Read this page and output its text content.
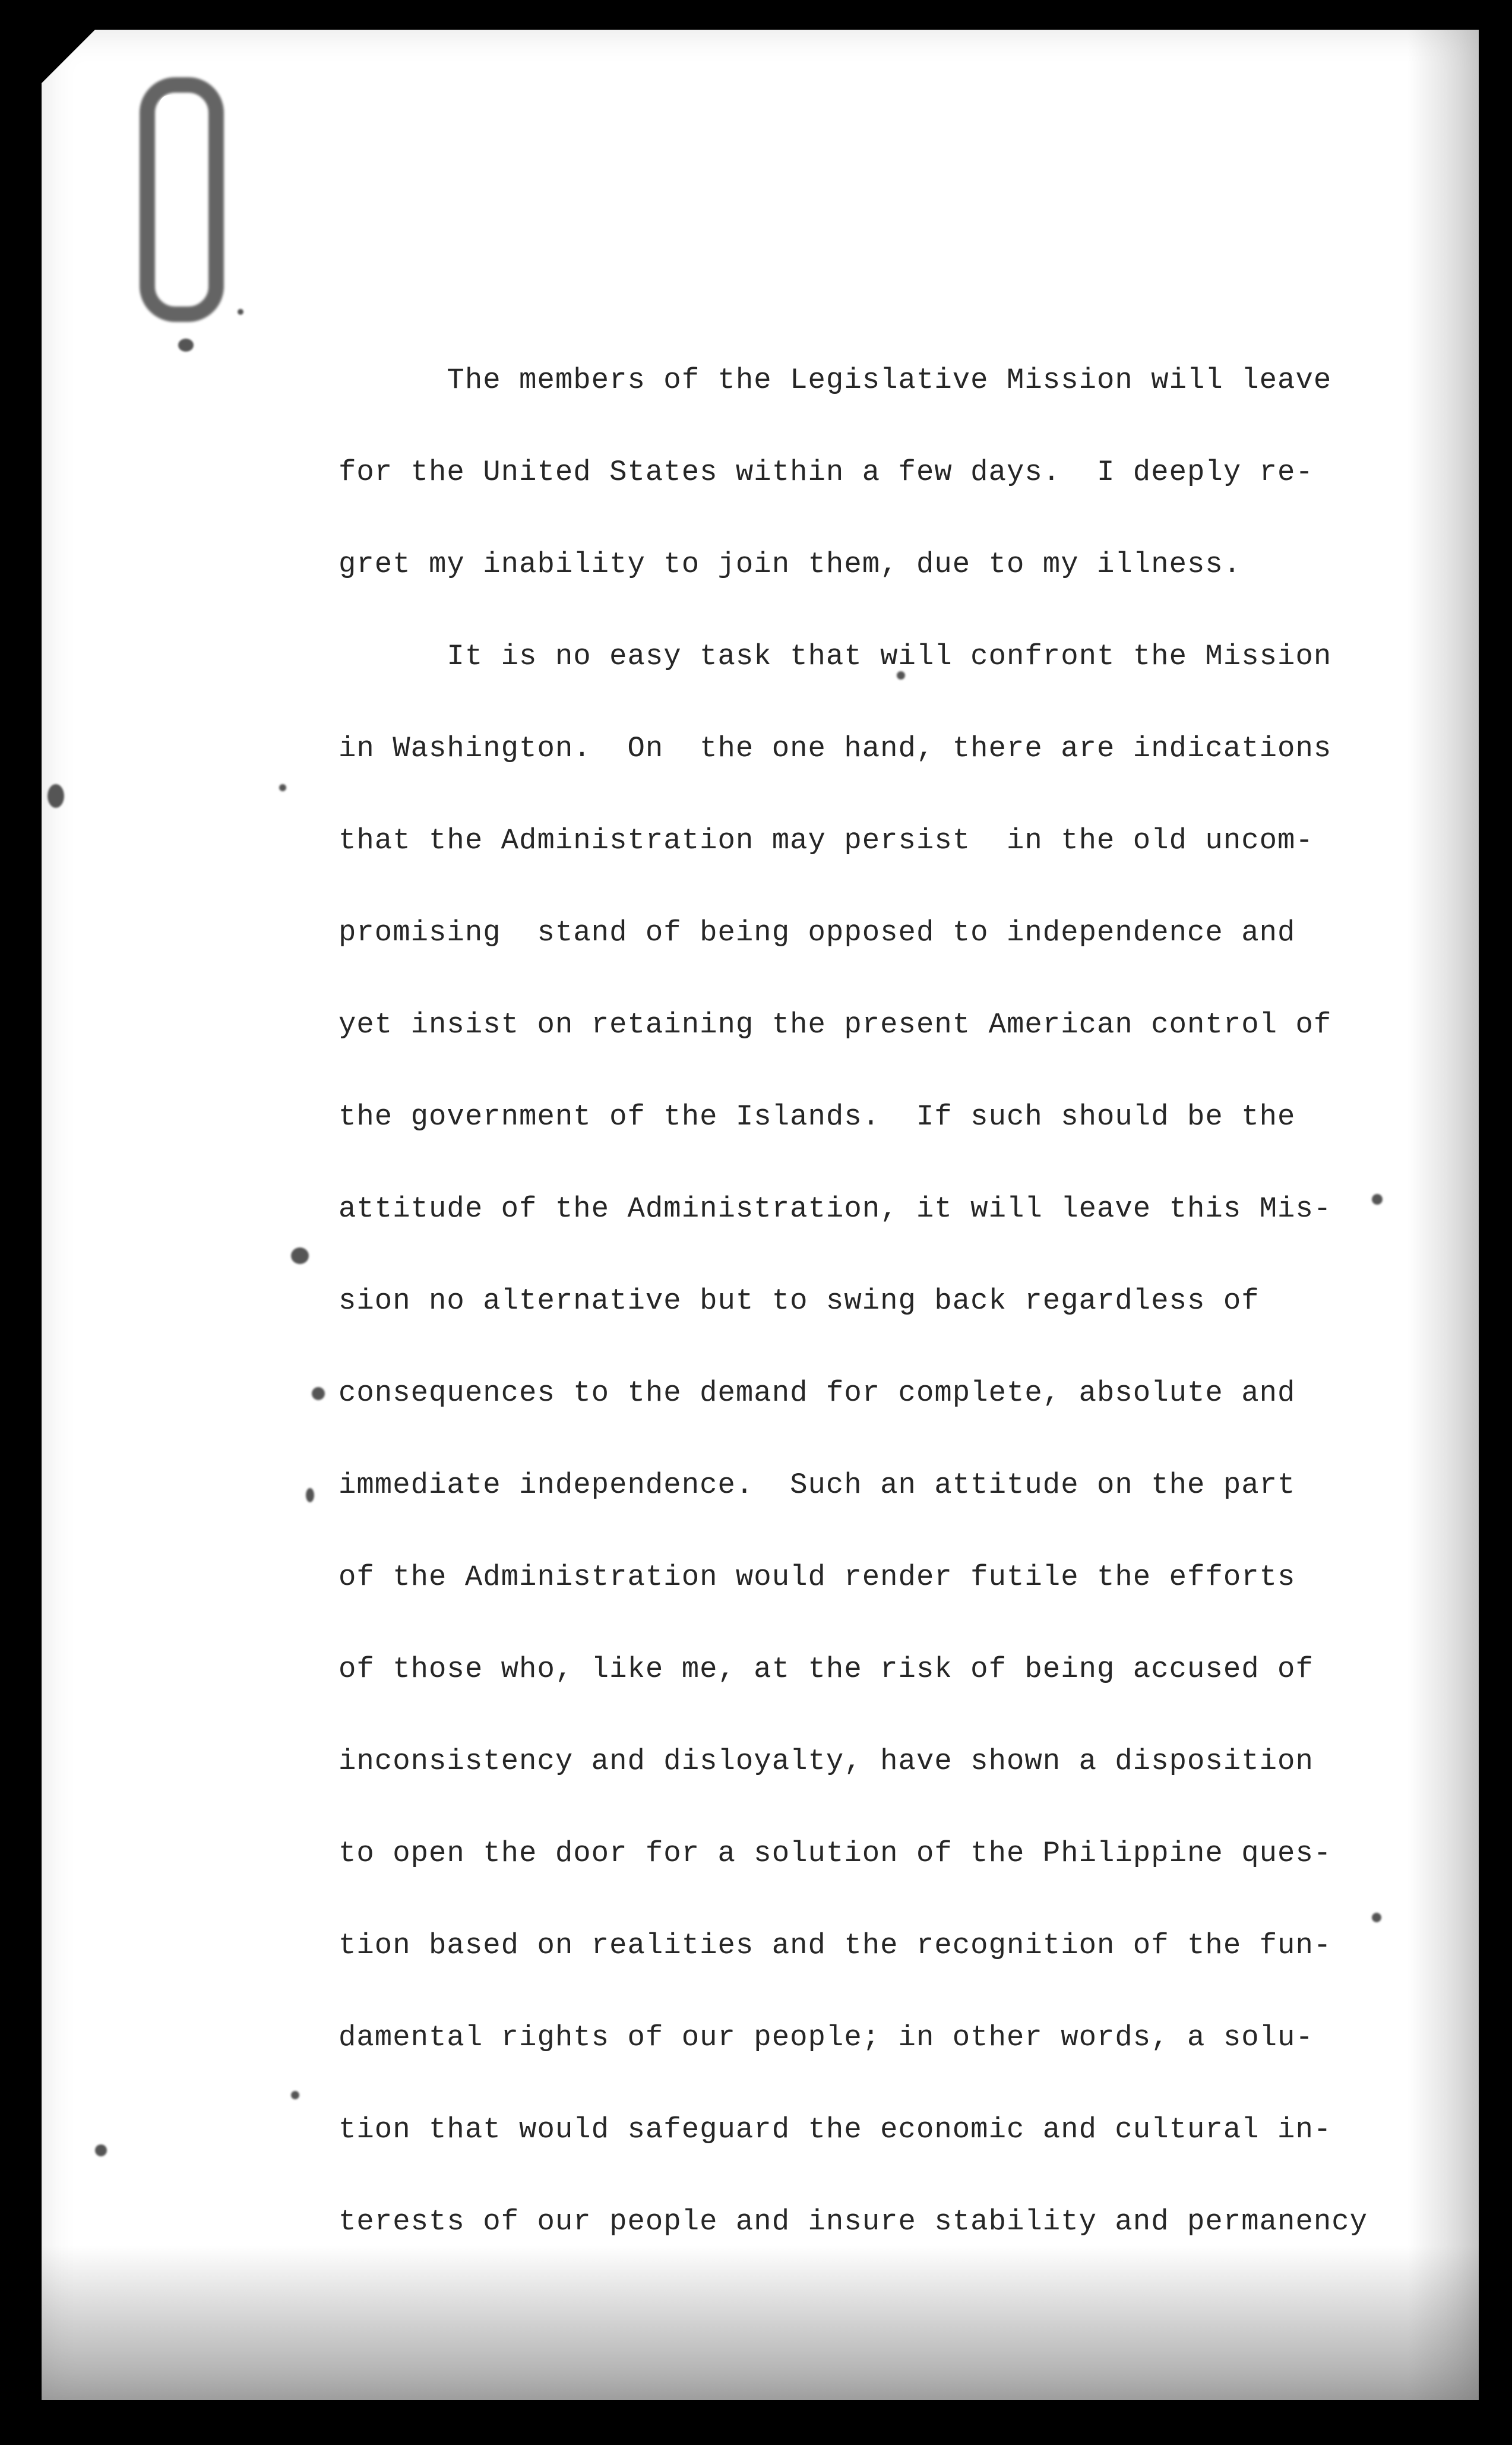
The members of the Legislative Mission will leave
for the United States within a few days.  I deeply re-
gret my inability to join them, due to my illness.
It is no easy task that will confront the Mission
in Washington.  On  the one hand, there are indications
that the Administration may persist  in the old uncom-
promising  stand of being opposed to independence and
yet insist on retaining the present American control of
the government of the Islands.  If such should be the
attitude of the Administration, it will leave this Mis-
sion no alternative but to swing back regardless of
consequences to the demand for complete, absolute and
immediate independence.  Such an attitude on the part
of the Administration would render futile the efforts
of those who, like me, at the risk of being accused of
inconsistency and disloyalty, have shown a disposition
to open the door for a solution of the Philippine ques-
tion based on realities and the recognition of the fun-
damental rights of our people; in other words, a solu-
tion that would safeguard the economic and cultural in-
terests of our people and insure stability and permanency
